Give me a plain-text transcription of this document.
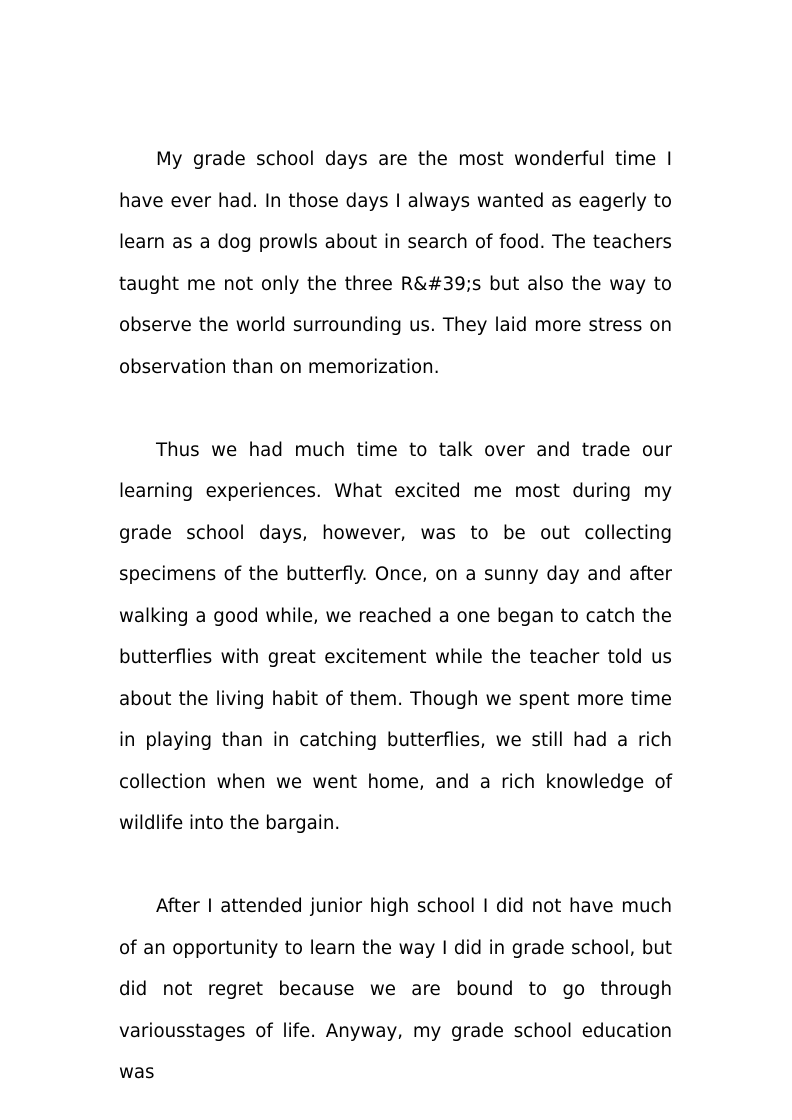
My grade school days are the most wonderful time I have ever had. In those days I always wanted as eagerly to learn as a dog prowls about in search of food. The teachers taught me not only the three R&#39;s but also the way to observe the world surrounding us. They laid more stress on observation than on memorization.

Thus we had much time to talk over and trade our learning experiences. What excited me most during my grade school days, however, was to be out collecting specimens of the butterfly. Once, on a sunny day and after walking a good while, we reached a one began to catch the butterflies with great excitement while the teacher told us about the living habit of them. Though we spent more time in playing than in catching butterflies, we still had a rich collection when we went home, and a rich knowledge of wildlife into the bargain.

After I attended junior high school I did not have much of an opportunity to learn the way I did in grade school, but did not regret because we are bound to go through variousstages of life. Anyway, my grade school education was
